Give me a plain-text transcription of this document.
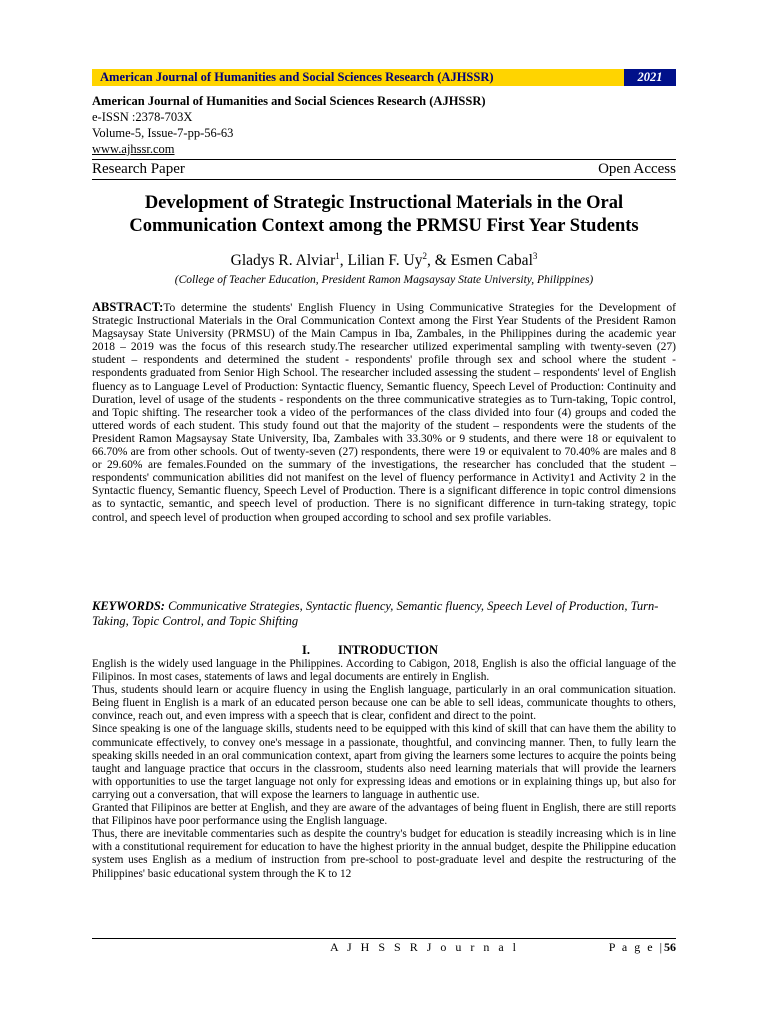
American Journal of Humanities and Social Sciences Research (AJHSSR)	2021
American Journal of Humanities and Social Sciences Research (AJHSSR)
e-ISSN :2378-703X
Volume-5, Issue-7-pp-56-63
www.ajhssr.com
Research Paper	Open Access
Development of Strategic Instructional Materials in the Oral Communication Context among the PRMSU First Year Students
Gladys R. Alviar$^1$, Lilian F. Uy$^2$, & Esmen Cabal$^3$
(College of Teacher Education, President Ramon Magsaysay State University, Philippines)
ABSTRACT:To determine the students' English Fluency in Using Communicative Strategies for the Development of Strategic Instructional Materials in the Oral Communication Context among the First Year Students of the President Ramon Magsaysay State University (PRMSU) of the Main Campus in Iba, Zambales, in the Philippines during the academic year 2018 – 2019 was the focus of this research study.The researcher utilized experimental sampling with twenty-seven (27) student – respondents and determined the student - respondents' profile through sex and school where the student - respondents graduated from Senior High School. The researcher included assessing the student – respondents' level of English fluency as to Language Level of Production: Syntactic fluency, Semantic fluency, Speech Level of Production: Continuity and Duration, level of usage of the students - respondents on the three communicative strategies as to Turn-taking, Topic control, and Topic shifting. The researcher took a video of the performances of the class divided into four (4) groups and coded the uttered words of each student. This study found out that the majority of the student – respondents were the students of the President Ramon Magsaysay State University, Iba, Zambales with 33.30% or 9 students, and there were 18 or equivalent to 66.70% are from other schools. Out of twenty-seven (27) respondents, there were 19 or equivalent to 70.40% are males and 8 or 29.60% are females.Founded on the summary of the investigations, the researcher has concluded that the student – respondents' communication abilities did not manifest on the level of fluency performance in Activity1 and Activity 2 in the Syntactic fluency, Semantic fluency, Speech Level of Production. There is a significant difference in topic control dimensions as to syntactic, semantic, and speech level of production. There is no significant difference in turn-taking strategy, topic control, and speech level of production when grouped according to school and sex profile variables.
KEYWORDS: Communicative Strategies, Syntactic fluency, Semantic fluency, Speech Level of Production, Turn-Taking, Topic Control, and Topic Shifting
I. INTRODUCTION

English is the widely used language in the Philippines. According to Cabigon, 2018, English is also the official language of the Filipinos. In most cases, statements of laws and legal documents are entirely in English.

Thus, students should learn or acquire fluency in using the English language, particularly in an oral communication situation. Being fluent in English is a mark of an educated person because one can be able to sell ideas, communicate thoughts to others, convince, reach out, and even impress with a speech that is clear, confident and direct to the point.

Since speaking is one of the language skills, students need to be equipped with this kind of skill that can have them the ability to communicate effectively, to convey one's message in a passionate, thoughtful, and convincing manner. Then, to fully learn the speaking skills needed in an oral communication context, apart from giving the learners some lectures to acquire the points being taught and language practice that occurs in the classroom, students also need learning materials that will provide the learners with opportunities to use the target language not only for expressing ideas and emotions or in explaining things up, but also for carrying out a conversation, that will expose the learners to language in authentic use.

Granted that Filipinos are better at English, and they are aware of the advantages of being fluent in English, there are still reports that Filipinos have poor performance using the English language.

Thus, there are inevitable commentaries such as despite the country's budget for education is steadily increasing which is in line with a constitutional requirement for education to have the highest priority in the annual budget, despite the Philippine education system uses English as a medium of instruction from pre-school to post-graduate level and despite the restructuring of the Philippines' basic educational system through the K to 12

A J H S S R J o u r n a l	P a g e |56
